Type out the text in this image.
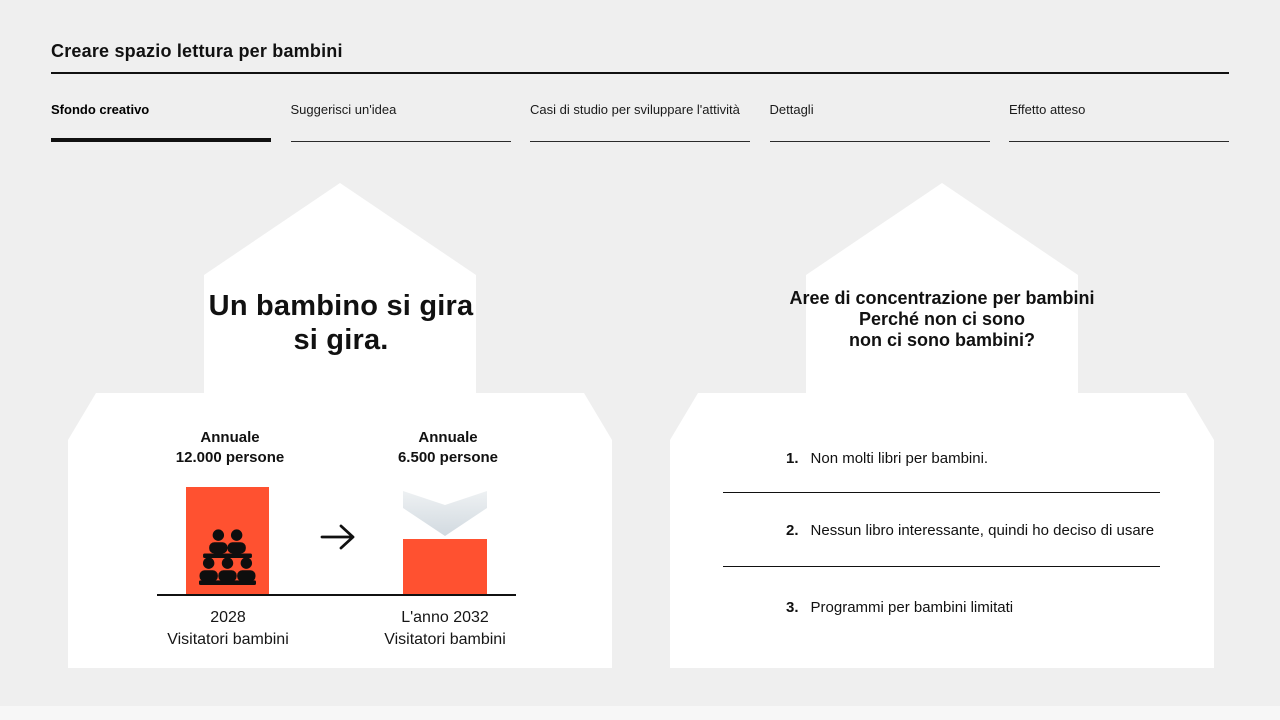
Creare spazio lettura per bambini
Sfondo creativo	Suggerisci un'idea	Casi di studio per sviluppare l'attività	Dettagli	Effetto atteso
Un bambino si gira
si gira.
Annuale
12.000 persone
Annuale
6.500 persone
2028
Visitatori bambini
L'anno 2032
Visitatori bambini
Aree di concentrazione per bambini
Perché non ci sono
non ci sono bambini?
1. Non molti libri per bambini.
2. Nessun libro interessante, quindi ho deciso di usare
3. Programmi per bambini limitati
